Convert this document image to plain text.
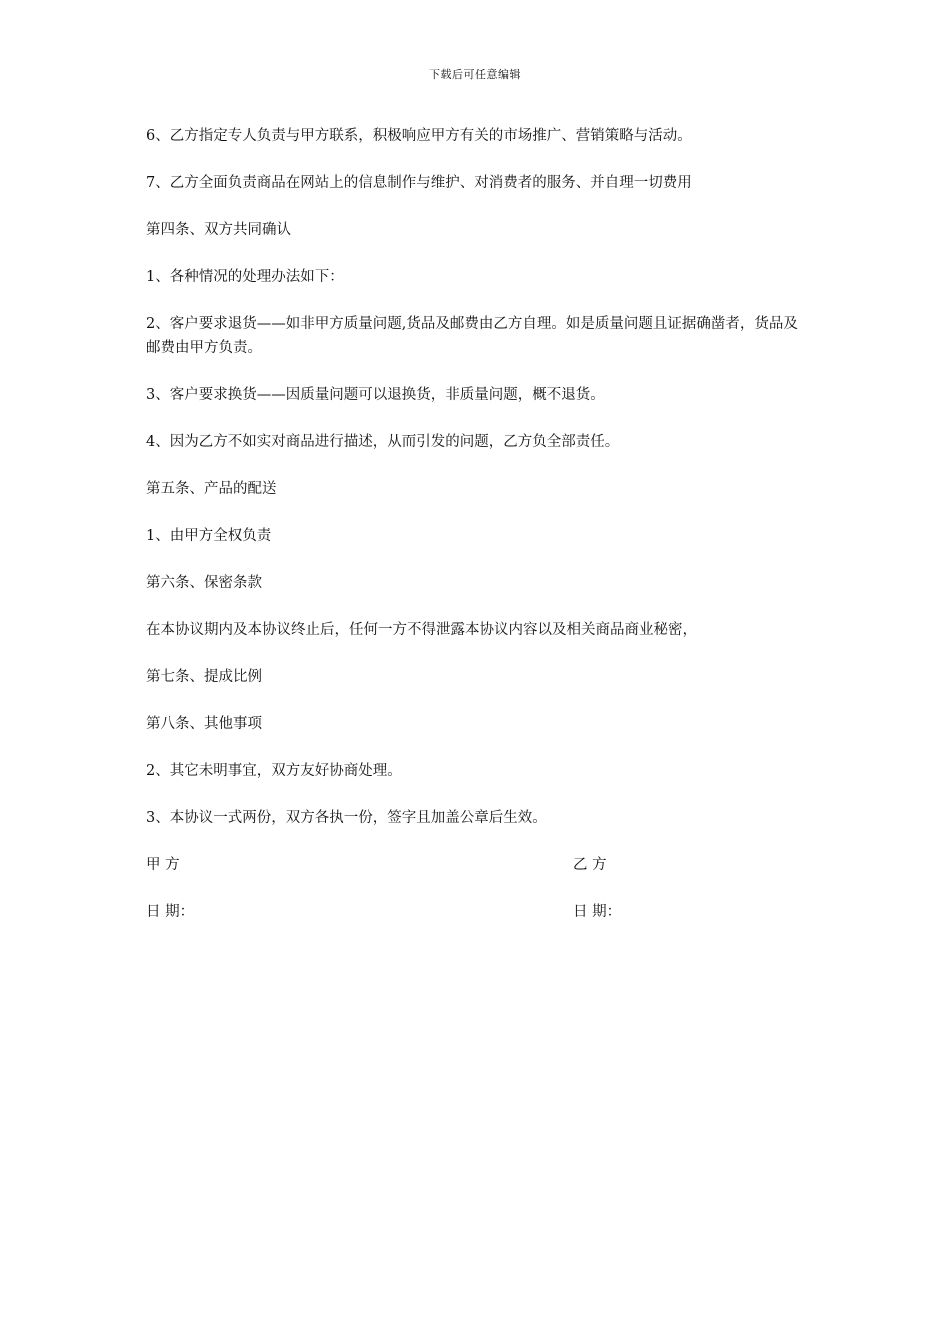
下载后可任意编辑

6、乙方指定专人负责与甲方联系，积极响应甲方有关的市场推广、营销策略与活动。

7、乙方全面负责商品在网站上的信息制作与维护、对消费者的服务、并自理一切费用

第四条、双方共同确认

1、各种情况的处理办法如下：

2、客户要求退货——如非甲方质量问题,货品及邮费由乙方自理。如是质量问题且证据确凿者，货品及邮费由甲方负责。

3、客户要求换货——因质量问题可以退换货，非质量问题，概不退货。

4、因为乙方不如实对商品进行描述，从而引发的问题，乙方负全部责任。

第五条、产品的配送

1、由甲方全权负责

第六条、保密条款

在本协议期内及本协议终止后，任何一方不得泄露本协议内容以及相关商品商业秘密，

第七条、提成比例

第八条、其他事项

2、其它未明事宜，双方友好协商处理。

3、本协议一式两份，双方各执一份，签字且加盖公章后生效。

甲 方	乙 方
日 期：	日 期：
